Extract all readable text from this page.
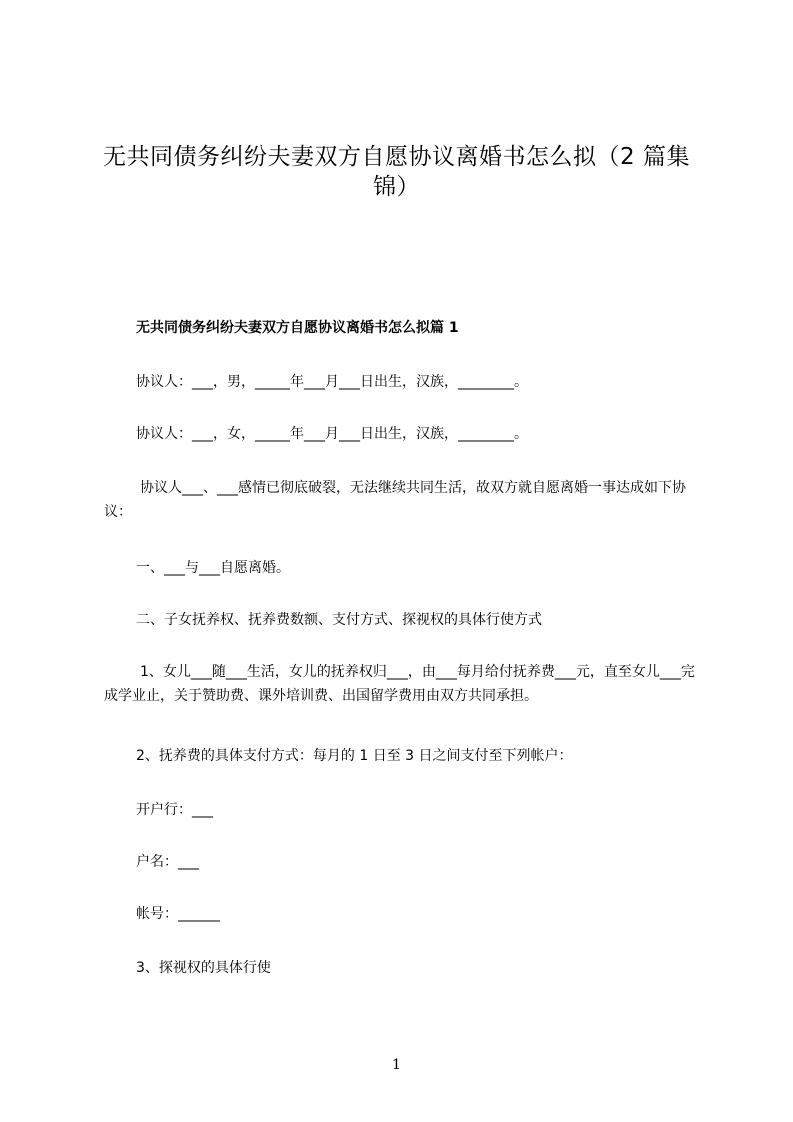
无共同债务纠纷夫妻双方自愿协议离婚书怎么拟（2 篇集锦）

无共同债务纠纷夫妻双方自愿协议离婚书怎么拟篇 1

协议人：___，男，_____年___月___日出生，汉族，________。

协议人：___，女，_____年___月___日出生，汉族，________。

协议人___、___感情已彻底破裂，无法继续共同生活，故双方就自愿离婚一事达成如下协议：

一、___与___自愿离婚。

二、子女抚养权、抚养费数额、支付方式、探视权的具体行使方式

1、女儿___随___生活，女儿的抚养权归___，由___每月给付抚养费___元，直至女儿___完成学业止，关于赞助费、课外培训费、出国留学费用由双方共同承担。

2、抚养费的具体支付方式：每月的 1 日至 3 日之间支付至下列帐户：

开户行：___

户名：___

帐号：______

3、探视权的具体行使

1
